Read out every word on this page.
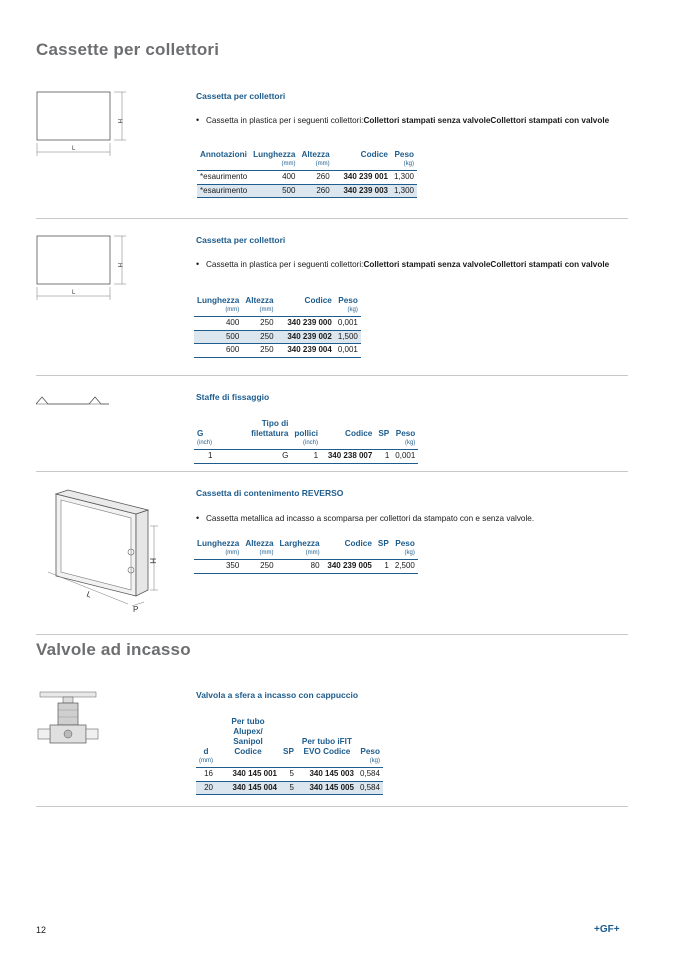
Cassette per collettori
H
L
Cassetta per collettori
• Cassetta in plastica per i seguenti collettori:Collettori stampati senza valvoleCollettori stampati con valvole
Annotazioni	Lunghezza	Altezza	Codice	Peso
	(mm)	(mm)		(kg)
*esaurimento	400	260	340 239 001	1,300
*esaurimento	500	260	340 239 003	1,300
H
L
Cassetta per collettori
• Cassetta in plastica per i seguenti collettori:Collettori stampati senza valvoleCollettori stampati con valvole
Lunghezza	Altezza	Codice	Peso
(mm)	(mm)		(kg)
400	250	340 239 000	0,001
500	250	340 239 002	1,500
600	250	340 239 004	0,001
Staffe di fissaggio
G	Tipo di filettatura	pollici	Codice	SP	Peso
(inch)		(inch)			(kg)
1	G	1	340 238 007	1	0,001
H
L
P
Cassetta di contenimento REVERSO
• Cassetta metallica ad incasso a scomparsa per collettori da stampato con e senza valvole.
Lunghezza	Altezza	Larghezza	Codice	SP	Peso
(mm)	(mm)	(mm)			(kg)
350	250	80	340 239 005	1	2,500
Valvole ad incasso
Valvola a sfera a incasso con cappuccio
d	Per tubo Alupex/ Sanipol Codice	SP	Per tubo iFIT EVO Codice	Peso
(mm)				(kg)
16	340 145 001	5	340 145 003	0,584
20	340 145 004	5	340 145 005	0,584
12	+GF+
